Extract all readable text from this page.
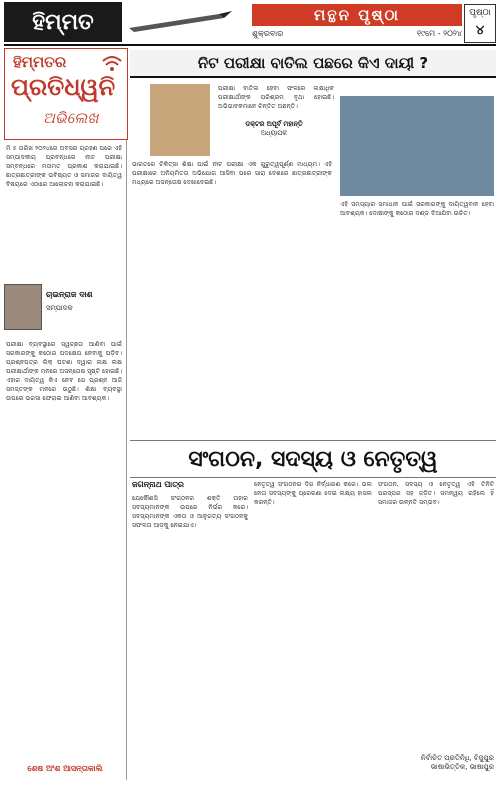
ହିମ୍ମତ	ମନ୍ଥନ ପୃଷ୍ଠା
ଶୁକ୍ରବାର	୧୯ମେ - ୨୦୨୪
ପୃଷ୍ଠା
୪
ହିମ୍ମତର
ପ୍ରତିଧ୍ୱନି
ଅଭିଲେଖ
ମି ୫ ତାରିଖ ୨୦୨୪ରେ ଅବସର ଗ୍ରହଣ ପରେ ଏହି ସମ୍ପାଦକୀୟ ପ୍ରବନ୍ଧରେ ନୀଟ ପରୀକ୍ଷା ସମ୍ବନ୍ଧରେ ମତାମତ ପ୍ରକାଶ କରାଯାଇଛି। ଛାତ୍ରଛାତ୍ରୀଙ୍କ ଭବିଷ୍ୟତ ଓ ସମାଜର ଦାୟିତ୍ୱ ବିଷୟରେ ଏଠାରେ ଆଲୋଚନା କରାଯାଇଛି।
ଚାଇନ୍‌ରାଜ ଦାଶ
ସମ୍ପାଦକ
ପରୀକ୍ଷା ବ୍ୟବସ୍ଥାରେ ସ୍ୱଚ୍ଛତା ଆଣିବା ପାଇଁ ସରକାରଙ୍କୁ କଠୋର ପଦକ୍ଷେପ ନେବାକୁ ପଡ଼ିବ। ପ୍ରଶ୍ନପତ୍ର ଲିକ୍ ଘଟଣା ଦ୍ୱାରା ଲକ୍ଷ ଲକ୍ଷ ପରୀକ୍ଷାର୍ଥୀଙ୍କ ମନରେ ଅସନ୍ତୋଷ ସୃଷ୍ଟି ହୋଇଛି। ଏହାର ଦାୟିତ୍ୱ କିଏ ନେବ ସେ ପ୍ରଶ୍ନ ଆଜି ସମସ୍ତଙ୍କ ମନରେ ଉଠୁଛି। ଶିକ୍ଷା ବ୍ୟବସ୍ଥା ଉପରେ ଭରସା ଫେରାଇ ଆଣିବା ଆବଶ୍ୟକ।
ଶେଷ ଅଂଶ ଆସନ୍ତାକାଲି
ନିଟ ପରୀକ୍ଷା ବାତିଲ ପଛରେ କିଏ ଦାୟୀ ?
ଡକ୍ଟର ଅପୂର୍ବ ମହାନ୍ତି
ଅଧ୍ୟାପକ
ଭାରତରେ ଚିକିତ୍ସା ଶିକ୍ଷା ପାଇଁ ନୀଟ ପରୀକ୍ଷା ଏକ ଗୁରୁତ୍ୱପୂର୍ଣ୍ଣ ମାଧ୍ୟମ। ଏହି ପରୀକ୍ଷାରେ ଅନିୟମିତତା ଅଭିଯୋଗ ଆସିବା ପରେ ସାରା ଦେଶରେ ଛାତ୍ରଛାତ୍ରୀଙ୍କ ମଧ୍ୟରେ ଅସନ୍ତୋଷ ଦେଖାଦେଇଛି।
ପରୀକ୍ଷା ବାତିଲ ହେବା ଫଳରେ ଲକ୍ଷାଧିକ ପରୀକ୍ଷାର୍ଥୀଙ୍କ ପରିଶ୍ରମ ବୃଥା ହୋଇଛି। ଅଭିଭାବକମାନେ ଚିନ୍ତିତ ଅଛନ୍ତି।
ଏହି ସମସ୍ୟାର ସମାଧାନ ପାଇଁ ସରକାରଙ୍କୁ ଦାୟିତ୍ୱବାନ ହେବା ଆବଶ୍ୟକ। ଦୋଷୀଙ୍କୁ କଠୋର ଦଣ୍ଡ ଦିଆଯିବା ଉଚିତ।
ସଂଗଠନ, ସଦସ୍ୟ ଓ ନେତୃତ୍ୱ
ଜଗନ୍ନାଥ ପାତ୍ର
ଯେକୌଣସି ସଂଗଠନର ଶକ୍ତି ତାହାର ସଦସ୍ୟମାନଙ୍କ ଉପରେ ନିର୍ଭର କରେ। ସଦସ୍ୟମାନଙ୍କ ଏକତା ଓ ଆନୁଗତ୍ୟ ସଂଗଠନକୁ ସଫଳତା ଆଡ଼କୁ ନେଇଯାଏ।
ନେତୃତ୍ୱ ସଂଗଠନର ଦିଗ ନିର୍ଦ୍ଧାରଣ କରେ। ଭଲ ନେତା ସଦସ୍ୟଙ୍କୁ ପ୍ରେରଣା ଦେଇ ଲକ୍ଷ୍ୟ ହାସଲ କରନ୍ତି।
ସଂଗଠନ, ସଦସ୍ୟ ଓ ନେତୃତ୍ୱ ଏହି ତିନିଟି ପରସ୍ପର ସହ ଜଡ଼ିତ। ସମନ୍ୱୟ ରହିଲେ ହିଁ ସମାଜର ଉନ୍ନତି ସମ୍ଭବ।
ନିର୍ବାଚିତ ପ୍ରତିନିଧି, ବିଜୁପୁର
ଭାଷାଭିତ୍ତିକ, ଭାଷାପୁର
